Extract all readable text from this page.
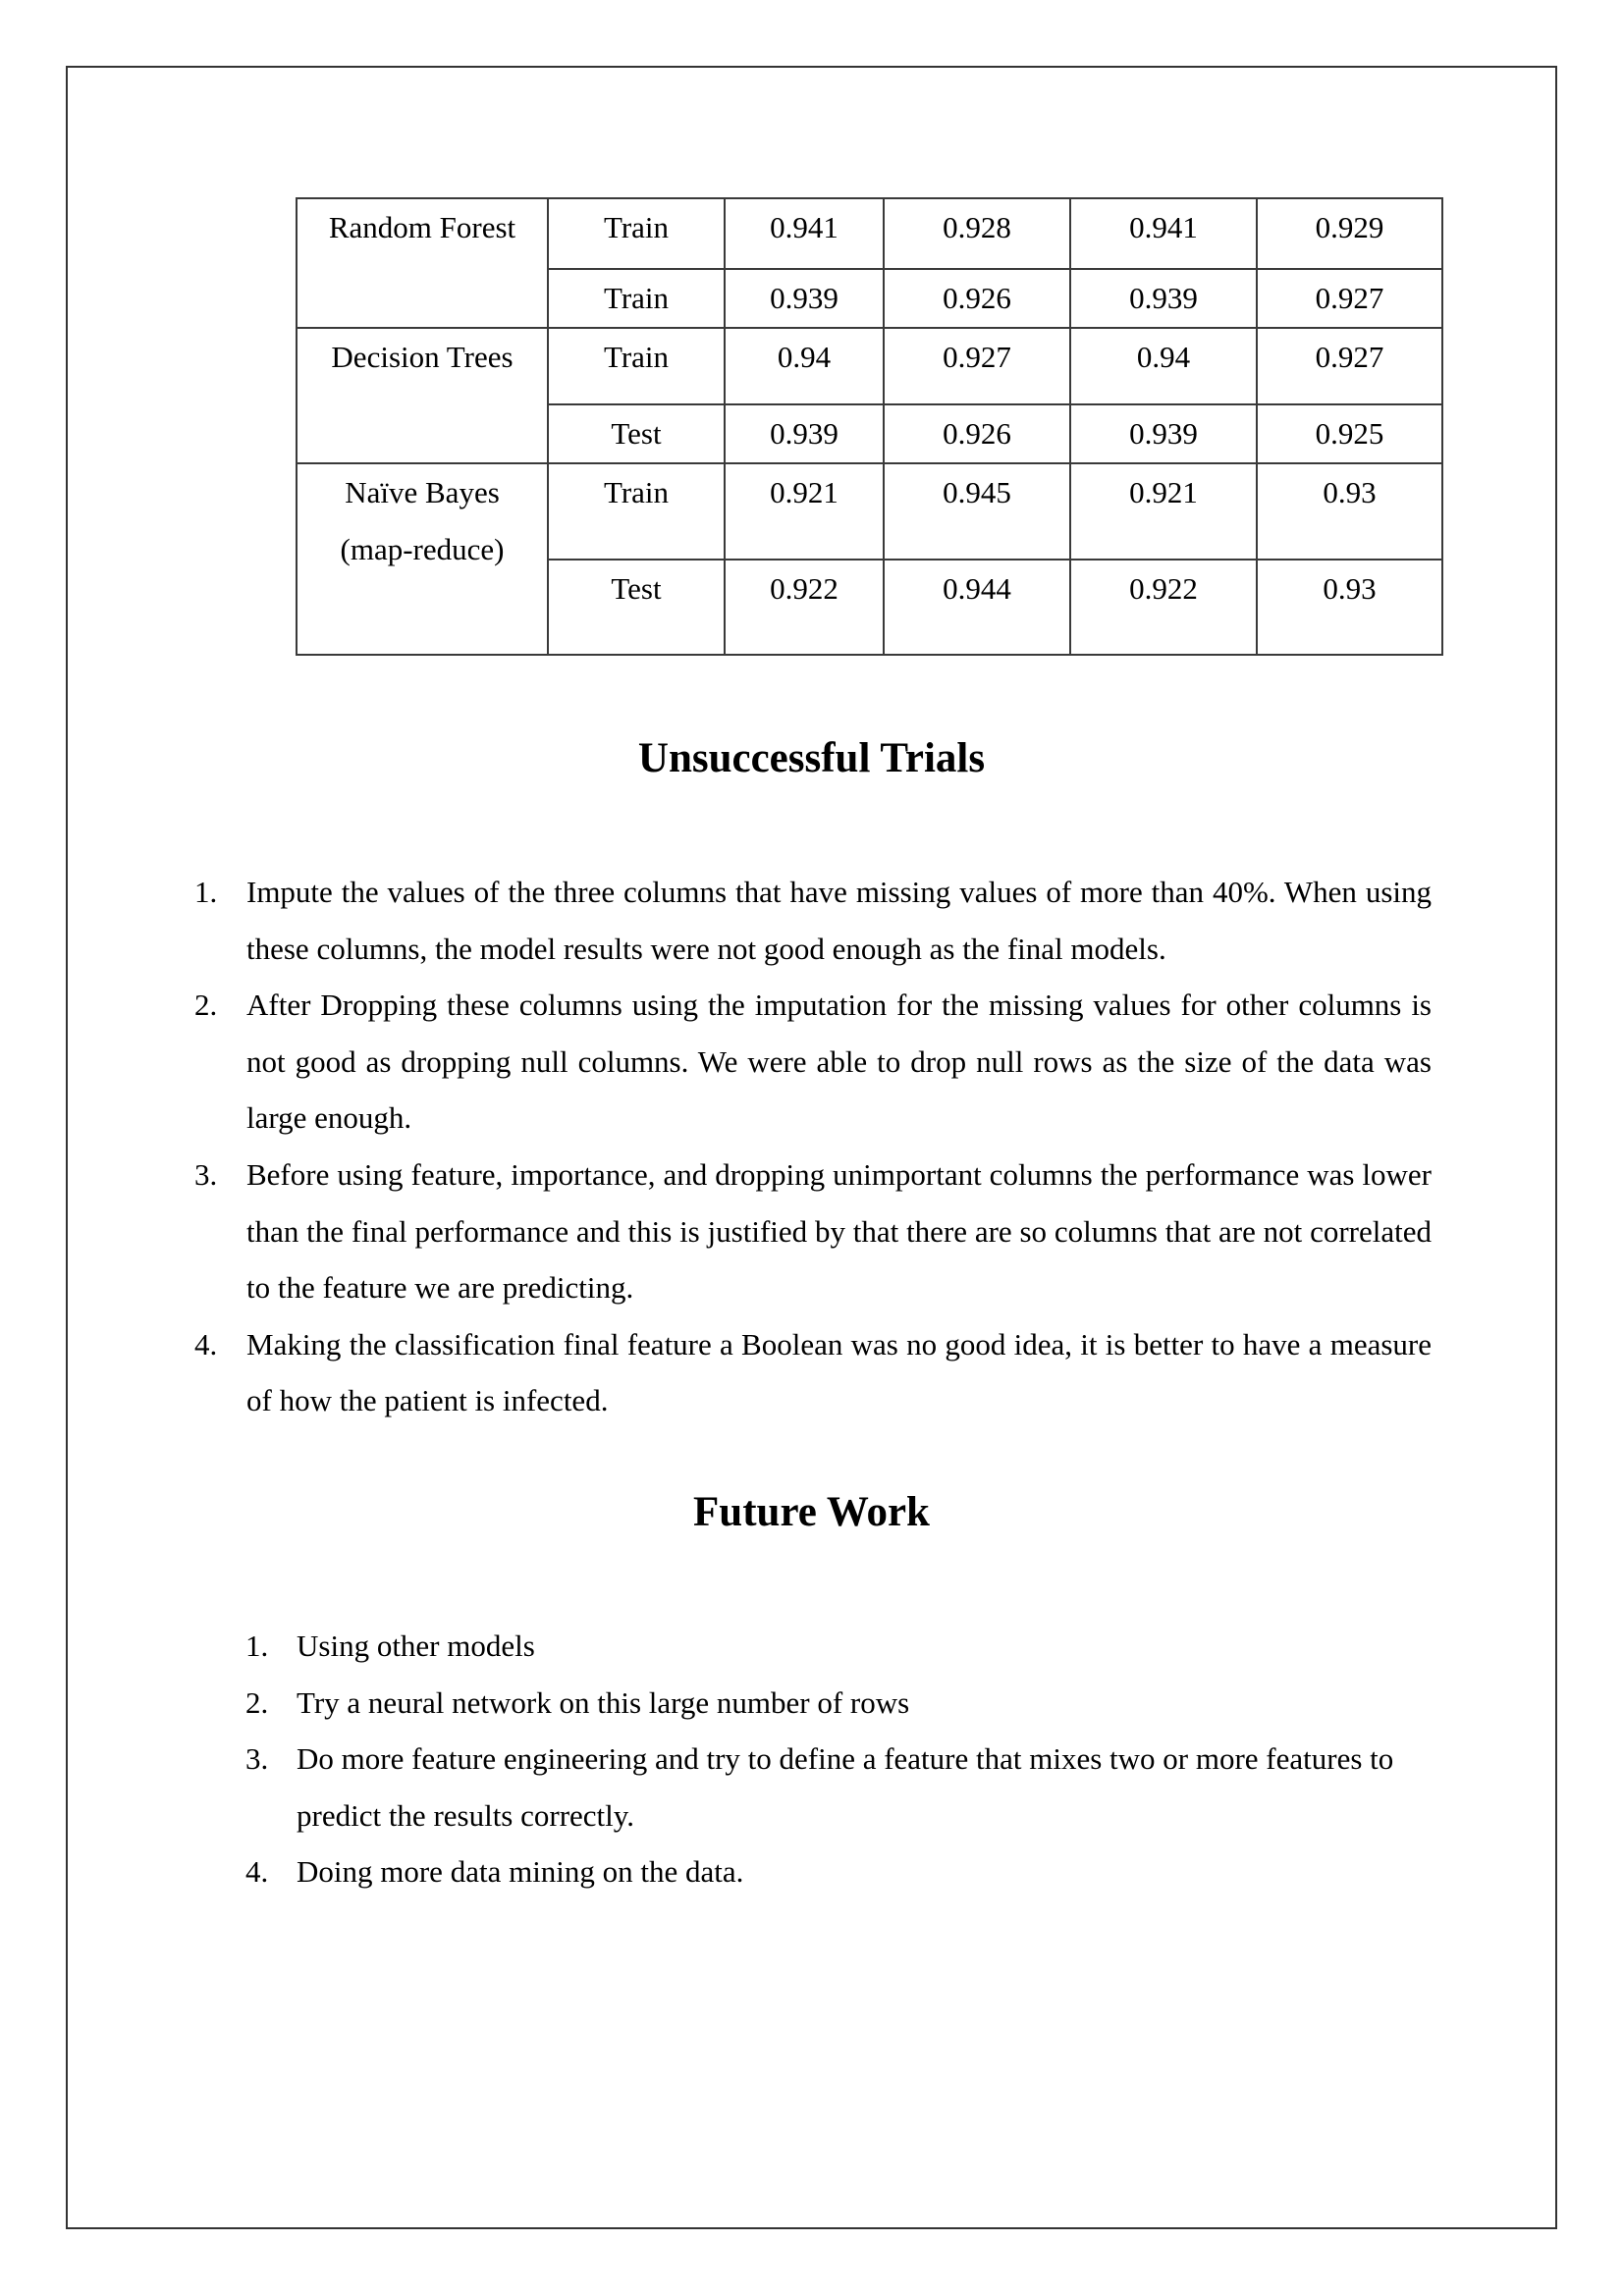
Random Forest	Train	0.941	0.928	0.941	0.929
	Train	0.939	0.926	0.939	0.927
Decision Trees	Train	0.94	0.927	0.94	0.927
	Test	0.939	0.926	0.939	0.925

Naïve Bayes
(map-reduce)	Train	0.921	0.945	0.921	0.93
	Test	0.922	0.944	0.922	0.93
Unsuccessful Trials
1. Impute the values of the three columns that have missing values of more than 40%. When using these columns, the model results were not good enough as the final models.
2. After Dropping these columns using the imputation for the missing values for other columns is not good as dropping null columns. We were able to drop null rows as the size of the data was large enough.
3. Before using feature, importance, and dropping unimportant columns the performance was lower than the final performance and this is justified by that there are so columns that are not correlated to the feature we are predicting.
4. Making the classification final feature a Boolean was no good idea, it is better to have a measure of how the patient is infected.
Future Work
1. Using other models
2. Try a neural network on this large number of rows
3. Do more feature engineering and try to define a feature that mixes two or more features to predict the results correctly.
4. Doing more data mining on the data.
